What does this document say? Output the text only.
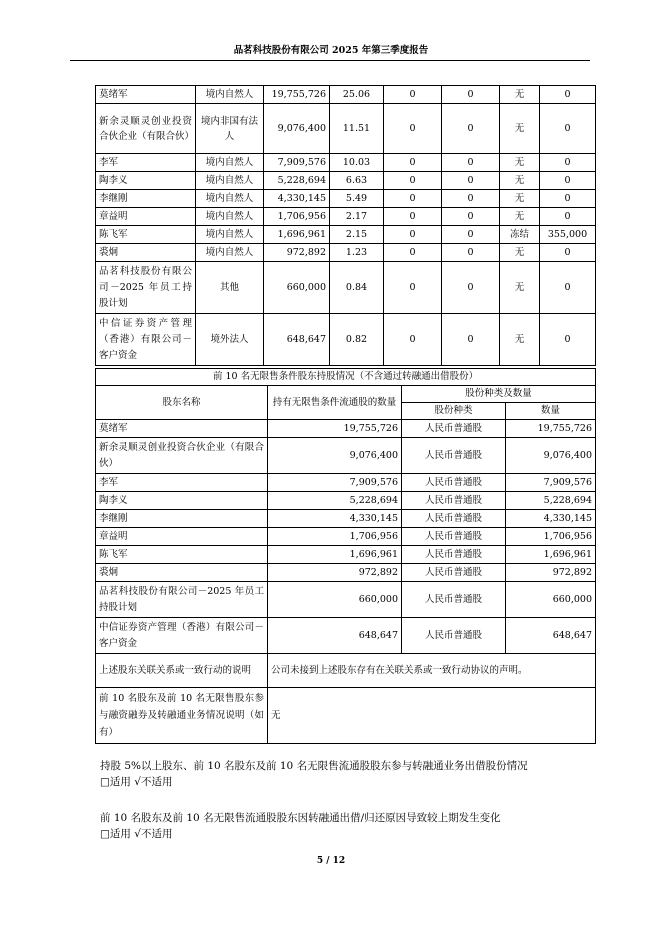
品茗科技股份有限公司 2025 年第三季度报告
莫绪军	境内自然人	19,755,726	25.06	0	0	无	0
新余灵顺灵创业投资合伙企业（有限合伙）	境内非国有法人	9,076,400	11.51	0	0	无	0
李军	境内自然人	7,909,576	10.03	0	0	无	0
陶李义	境内自然人	5,228,694	6.63	0	0	无	0
李继刚	境内自然人	4,330,145	5.49	0	0	无	0
章益明	境内自然人	1,706,956	2.17	0	0	无	0
陈飞军	境内自然人	1,696,961	2.15	0	0	冻结	355,000
裘炯	境内自然人	972,892	1.23	0	0	无	0
品茗科技股份有限公司－2025 年员工持股计划	其他	660,000	0.84	0	0	无	0
中信证券资产管理（香港）有限公司－客户资金	境外法人	648,647	0.82	0	0	无	0
前 10 名无限售条件股东持股情况（不含通过转融通出借股份）			
股东名称	持有无限售条件流通股的数量	股份种类及数量	
		股份种类	数量
莫绪军	19,755,726	人民币普通股	19,755,726
新余灵顺灵创业投资合伙企业（有限合伙）	9,076,400	人民币普通股	9,076,400
李军	7,909,576	人民币普通股	7,909,576
陶李义	5,228,694	人民币普通股	5,228,694
李继刚	4,330,145	人民币普通股	4,330,145
章益明	1,706,956	人民币普通股	1,706,956
陈飞军	1,696,961	人民币普通股	1,696,961
裘炯	972,892	人民币普通股	972,892
品茗科技股份有限公司－2025 年员工持股计划	660,000	人民币普通股	660,000
中信证券资产管理（香港）有限公司－客户资金	648,647	人民币普通股	648,647
上述股东关联关系或一致行动的说明	公司未接到上述股东存有在关联关系或一致行动协议的声明。		
前 10 名股东及前 10 名无限售股东参与融资融券及转融通业务情况说明（如有）	无		
持股 5%以上股东、前 10 名股东及前 10 名无限售流通股股东参与转融通业务出借股份情况
□适用 √不适用
前 10 名股东及前 10 名无限售流通股股东因转融通出借/归还原因导致较上期发生变化
□适用 √不适用
5 / 12
